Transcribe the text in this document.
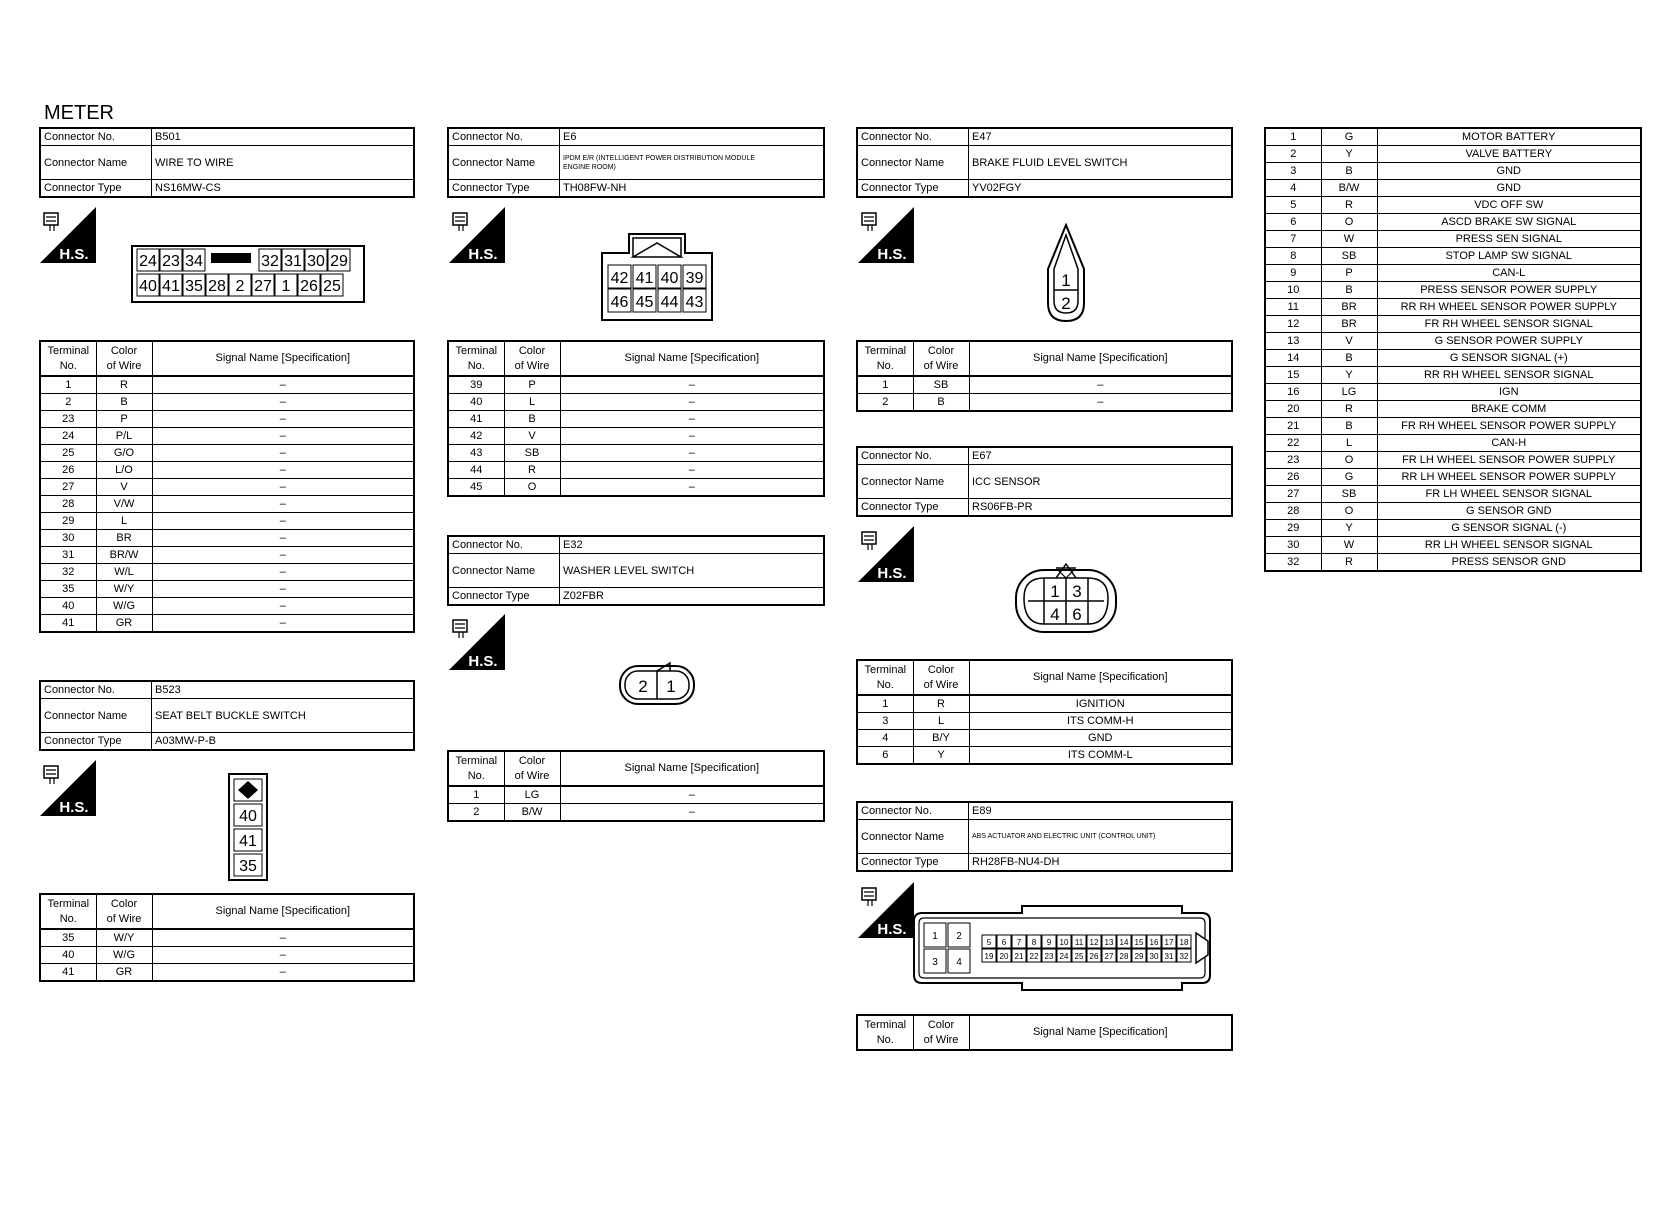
METER
Connector No.	B501
Connector Name	WIRE TO WIRE
Connector Type	NS16MW-CS
H.S.	24 23 34	32 31 30 29
40 41 35 28 2 27 1 26 25
Terminal
No.	Color
of Wire	Signal Name [Specification]
1	R	–
2	B	–
23	P	–
24	P/L	–
25	G/O	–
26	L/O	–
27	V	–
28	V/W	–
29	L	–
30	BR	–
31	BR/W	–
32	W/L	–
35	W/Y	–
40	W/G	–
41	GR	–
Connector No.	B523
Connector Name	SEAT BELT BUCKLE SWITCH
Connector Type	A03MW-P-B
H.S.
40
41
35
Terminal
No.	Color
of Wire	Signal Name [Specification]
35	W/Y	–
40	W/G	–
41	GR	–
Connector No.	E6
Connector Name	IPDM E/R (INTELLIGENT POWER DISTRIBUTION MODULE
ENGINE ROOM)
Connector Type	TH08FW-NH
H.S.
42 41 40 39
46 45 44 43
Terminal
No.	Color
of Wire	Signal Name [Specification]
39	P	–
40	L	–
41	B	–
42	V	–
43	SB	–
44	R	–
45	O	–
Connector No.	E32
Connector Name	WASHER LEVEL SWITCH
Connector Type	Z02FBR
H.S.
2 1
Terminal
No.	Color
of Wire	Signal Name [Specification]
1	LG	–
2	B/W	–
Connector No.	E47
Connector Name	BRAKE FLUID LEVEL SWITCH
Connector Type	YV02FGY
H.S.
1
2
Terminal
No.	Color
of Wire	Signal Name [Specification]
1	SB	–
2	B	–
Connector No.	E67
Connector Name	ICC SENSOR
Connector Type	RS06FB-PR
H.S.
1 3
4 6
Terminal
No.	Color
of Wire	Signal Name [Specification]
1	R	IGNITION
3	L	ITS COMM-H
4	B/Y	GND
6	Y	ITS COMM-L
Connector No.	E89
Connector Name	ABS ACTUATOR AND ELECTRIC UNIT (CONTROL UNIT)
Connector Type	RH28FB-NU4-DH
H.S.	1 2
3 4
5 6 7 8 9 10 11 12 13 14 15 16 17 18
19 20 21 22 23 24 25 26 27 28 29 30 31 32
Terminal
No.	Color
of Wire	Signal Name [Specification]
1	G	MOTOR BATTERY
2	Y	VALVE BATTERY
3	B	GND
4	B/W	GND
5	R	VDC OFF SW
6	O	ASCD BRAKE SW SIGNAL
7	W	PRESS SEN SIGNAL
8	SB	STOP LAMP SW SIGNAL
9	P	CAN-L
10	B	PRESS SENSOR POWER SUPPLY
11	BR	RR RH WHEEL SENSOR POWER SUPPLY
12	BR	FR RH WHEEL SENSOR SIGNAL
13	V	G SENSOR POWER SUPPLY
14	B	G SENSOR SIGNAL (+)
15	Y	RR RH WHEEL SENSOR SIGNAL
16	LG	IGN
20	R	BRAKE COMM
21	B	FR RH WHEEL SENSOR POWER SUPPLY
22	L	CAN-H
23	O	FR LH WHEEL SENSOR POWER SUPPLY
26	G	RR LH WHEEL SENSOR POWER SUPPLY
27	SB	FR LH WHEEL SENSOR SIGNAL
28	O	G SENSOR GND
29	Y	G SENSOR SIGNAL (-)
30	W	RR LH WHEEL SENSOR SIGNAL
32	R	PRESS SENSOR GND
